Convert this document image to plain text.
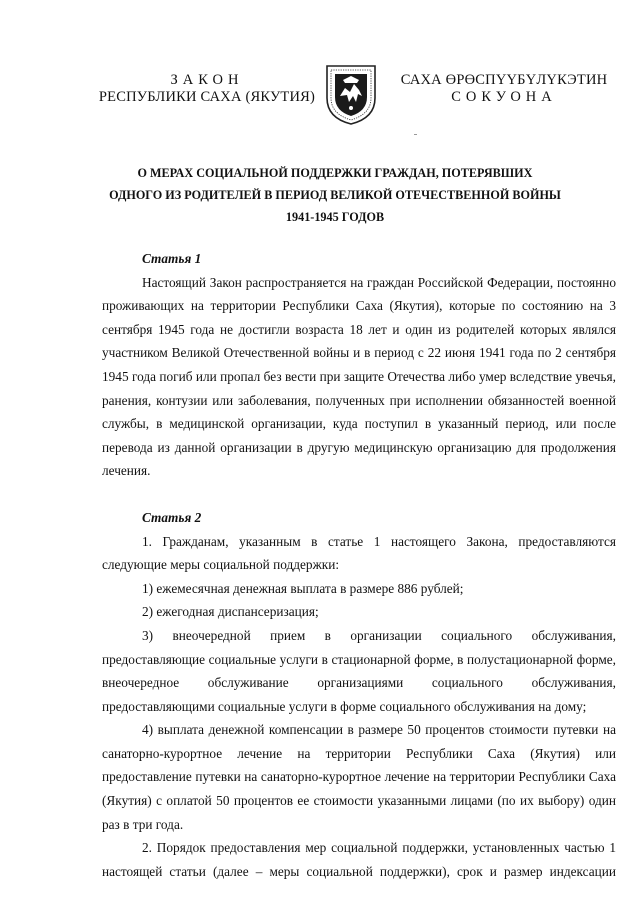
ЗАКОН
РЕСПУБЛИКИ САХА (ЯКУТИЯ)
САХА ӨРӨСПҮҮБҮЛҮКЭТИН
СОКУОНА
О МЕРАХ СОЦИАЛЬНОЙ ПОДДЕРЖКИ ГРАЖДАН, ПОТЕРЯВШИХ
ОДНОГО ИЗ РОДИТЕЛЕЙ В ПЕРИОД ВЕЛИКОЙ ОТЕЧЕСТВЕННОЙ ВОЙНЫ
1941-1945 ГОДОВ

Статья 1

Настоящий Закон распространяется на граждан Российской Федерации, постоянно проживающих на территории Республики Саха (Якутия), которые по состоянию на 3 сентября 1945 года не достигли возраста 18 лет и один из родителей которых являлся участником Великой Отечественной войны и в период с 22 июня 1941 года по 2 сентября 1945 года погиб или пропал без вести при защите Отечества либо умер вследствие увечья, ранения, контузии или заболевания, полученных при исполнении обязанностей военной службы, в медицинской организации, куда поступил в указанный период, или после перевода из данной организации в другую медицинскую организацию для продолжения лечения.

Статья 2

1. Гражданам, указанным в статье 1 настоящего Закона, предоставляются следующие меры социальной поддержки:

1) ежемесячная денежная выплата в размере 886 рублей;

2) ежегодная диспансеризация;

3) внеочередной прием в организации социального обслуживания, предоставляющие социальные услуги в стационарной форме, в полустационарной форме, внеочередное обслуживание организациями социального обслуживания, предоставляющими социальные услуги в форме социального обслуживания на дому;

4) выплата денежной компенсации в размере 50 процентов стоимости путевки на санаторно-курортное лечение на территории Республики Саха (Якутия) или предоставление путевки на санаторно-курортное лечение на территории Республики Саха (Якутия) с оплатой 50 процентов ее стоимости указанными лицами (по их выбору) один раз в три года.

2. Порядок предоставления мер социальной поддержки, установленных частью 1 настоящей статьи (далее – меры социальной поддержки), срок и размер индексации
